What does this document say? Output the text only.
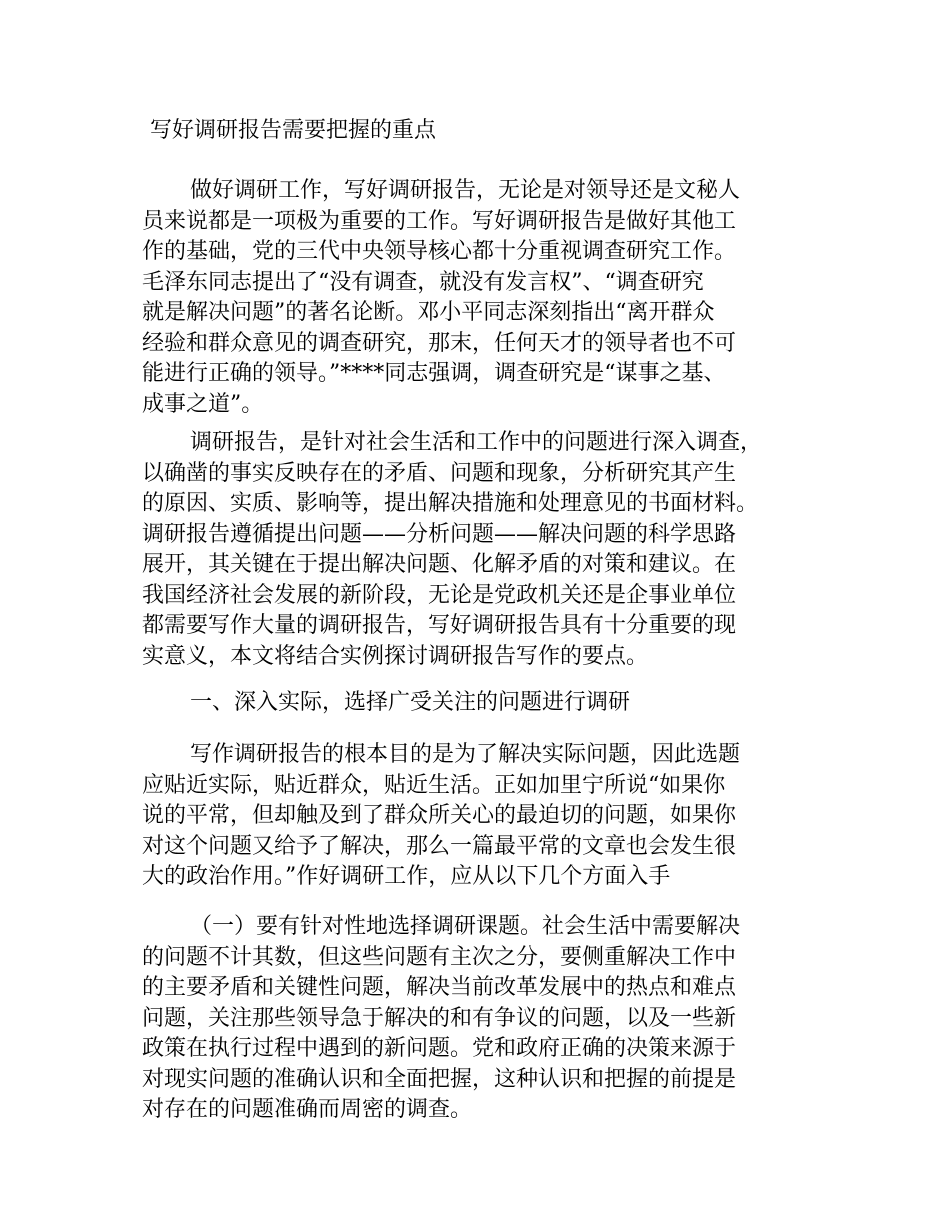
写好调研报告需要把握的重点

做好调研工作，写好调研报告，无论是对领导还是文秘人
员来说都是一项极为重要的工作。写好调研报告是做好其他工
作的基础，党的三代中央领导核心都十分重视调查研究工作。
毛泽东同志提出了“没有调查，就没有发言权”、“调查研究
就是解决问题”的著名论断。邓小平同志深刻指出“离开群众
经验和群众意见的调查研究，那末，任何天才的领导者也不可
能进行正确的领导。”****同志强调，调查研究是“谋事之基、
成事之道”。

调研报告，是针对社会生活和工作中的问题进行深入调查，
以确凿的事实反映存在的矛盾、问题和现象，分析研究其产生
的原因、实质、影响等，提出解决措施和处理意见的书面材料。
调研报告遵循提出问题——分析问题——解决问题的科学思路
展开，其关键在于提出解决问题、化解矛盾的对策和建议。在
我国经济社会发展的新阶段，无论是党政机关还是企事业单位
都需要写作大量的调研报告，写好调研报告具有十分重要的现
实意义，本文将结合实例探讨调研报告写作的要点。

一、深入实际，选择广受关注的问题进行调研

写作调研报告的根本目的是为了解决实际问题，因此选题
应贴近实际，贴近群众，贴近生活。正如加里宁所说“如果你
说的平常，但却触及到了群众所关心的最迫切的问题，如果你
对这个问题又给予了解决，那么一篇最平常的文章也会发生很
大的政治作用。”作好调研工作，应从以下几个方面入手

（一）要有针对性地选择调研课题。社会生活中需要解决
的问题不计其数，但这些问题有主次之分，要侧重解决工作中
的主要矛盾和关键性问题，解决当前改革发展中的热点和难点
问题，关注那些领导急于解决的和有争议的问题，以及一些新
政策在执行过程中遇到的新问题。党和政府正确的决策来源于
对现实问题的准确认识和全面把握，这种认识和把握的前提是
对存在的问题准确而周密的调查。
